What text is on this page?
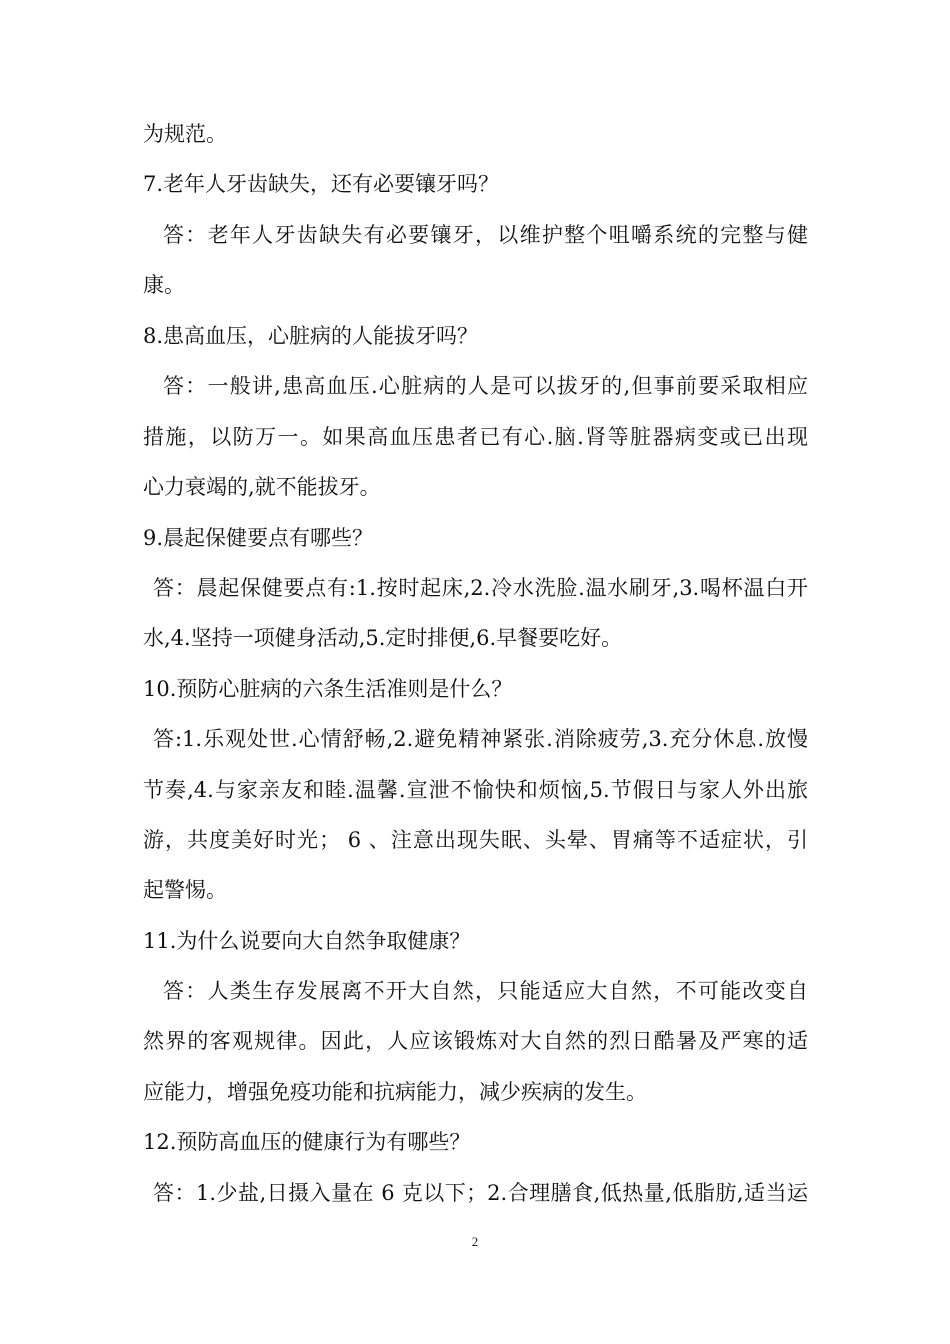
为规范。
7.老年人牙齿缺失，还有必要镶牙吗？
答：老年人牙齿缺失有必要镶牙，以维护整个咀嚼系统的完整与健
康。
8.患高血压，心脏病的人能拔牙吗？
答：一般讲,患高血压.心脏病的人是可以拔牙的,但事前要采取相应
措施，以防万一。如果高血压患者已有心.脑.肾等脏器病变或已出现
心力衰竭的,就不能拔牙。
9.晨起保健要点有哪些？
答：晨起保健要点有:1.按时起床,2.冷水洗脸.温水刷牙,3.喝杯温白开
水,4.坚持一项健身活动,5.定时排便,6.早餐要吃好。
10.预防心脏病的六条生活准则是什么？
答:1.乐观处世.心情舒畅,2.避免精神紧张.消除疲劳,3.充分休息.放慢
节奏,4.与家亲友和睦.温馨.宣泄不愉快和烦恼,5.节假日与家人外出旅
游，共度美好时光； 6 、注意出现失眠、头晕、胃痛等不适症状，引
起警惕。
11.为什么说要向大自然争取健康？
答：人类生存发展离不开大自然，只能适应大自然，不可能改变自
然界的客观规律。因此，人应该锻炼对大自然的烈日酷暑及严寒的适
应能力，增强免疫功能和抗病能力，减少疾病的发生。
12.预防高血压的健康行为有哪些？
答：1.少盐,日摄入量在 6 克以下；2.合理膳食,低热量,低脂肪,适当运
2
